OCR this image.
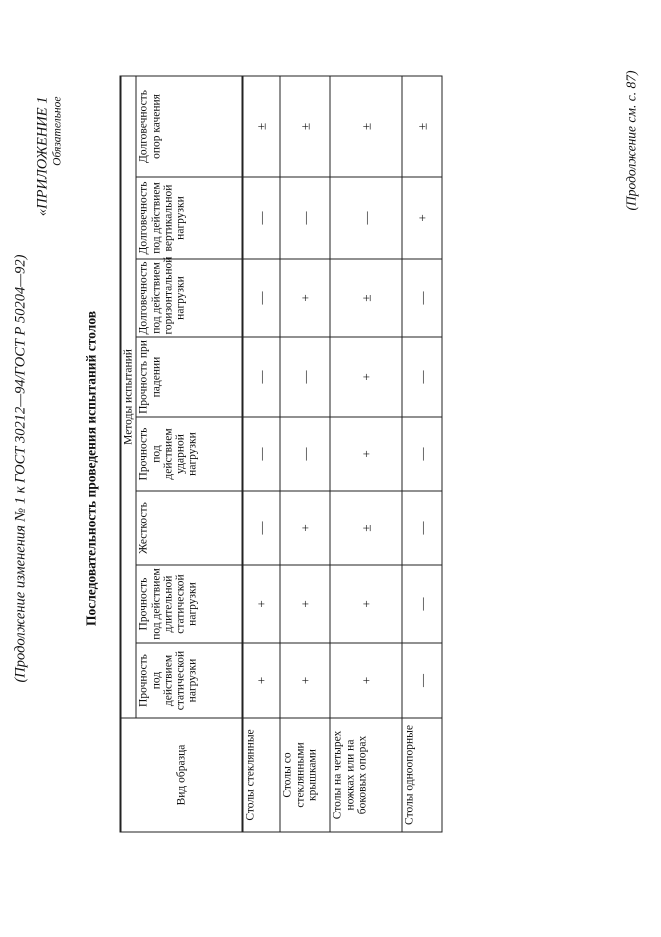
(Продолжение изменения № 1 к ГОСТ 30212—94/ГОСТ Р 50204—92)
«ПРИЛОЖЕНИЕ 1 Обязательное
Последовательность проведения испытаний столов
Вид образца	Методы испытаний							
	Прочность под действием статической нагрузки	Прочность под действием длительной статической нагрузки	Жесткость	Прочность под действием ударной нагрузки	Прочность при падении	Долговечность под действием горизонтальной нагрузки	Долговечность под действием вертикальной нагрузки	Долговечность опор качения
Столы стеклянные	+	+	—	—	—	—	—	±
Столы со стеклянными крышками	+	+	+	—	—	+	—	±
Столы на четырех ножках или на боковых опорах	+	+	±	+	+	±	—	±
Столы одноопорные	—	—	—	—	—	—	+	±	(Продолжение см. с. 87)
